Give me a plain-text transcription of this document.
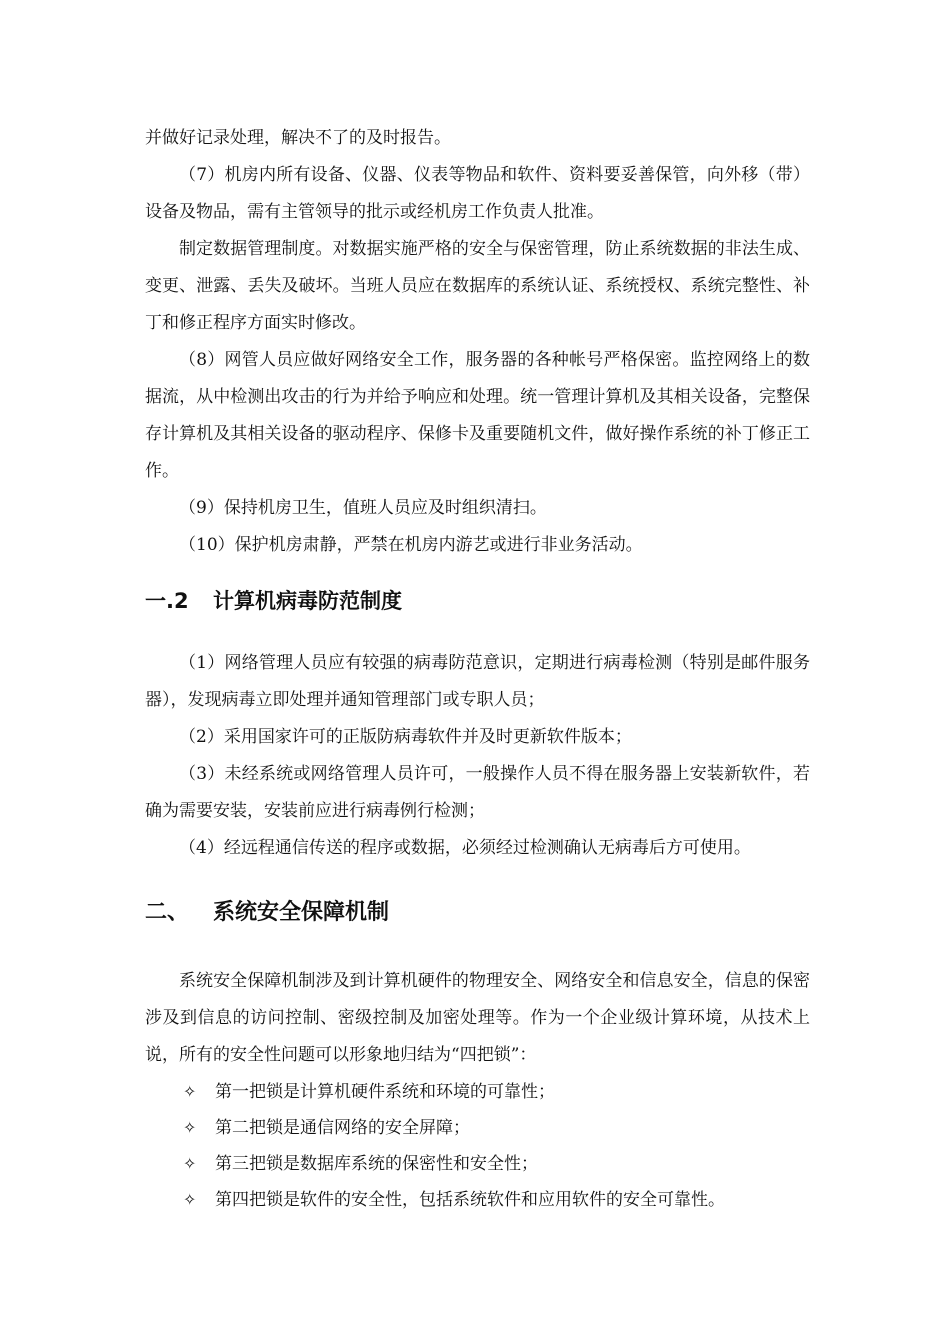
并做好记录处理，解决不了的及时报告。

（7）机房内所有设备、仪器、仪表等物品和软件、资料要妥善保管，向外移（带）设备及物品，需有主管领导的批示或经机房工作负责人批准。

制定数据管理制度。对数据实施严格的安全与保密管理，防止系统数据的非法生成、变更、泄露、丢失及破坏。当班人员应在数据库的系统认证、系统授权、系统完整性、补丁和修正程序方面实时修改。

（8）网管人员应做好网络安全工作，服务器的各种帐号严格保密。监控网络上的数据流，从中检测出攻击的行为并给予响应和处理。统一管理计算机及其相关设备，完整保存计算机及其相关设备的驱动程序、保修卡及重要随机文件，做好操作系统的补丁修正工作。

（9）保持机房卫生，值班人员应及时组织清扫。

（10）保护机房肃静，严禁在机房内游艺或进行非业务活动。

一.2 计算机病毒防范制度

（1）网络管理人员应有较强的病毒防范意识，定期进行病毒检测（特别是邮件服务器），发现病毒立即处理并通知管理部门或专职人员；

（2）采用国家许可的正版防病毒软件并及时更新软件版本；

（3）未经系统或网络管理人员许可，一般操作人员不得在服务器上安装新软件，若确为需要安装，安装前应进行病毒例行检测；

（4）经远程通信传送的程序或数据，必须经过检测确认无病毒后方可使用。

二、 系统安全保障机制

系统安全保障机制涉及到计算机硬件的物理安全、网络安全和信息安全，信息的保密涉及到信息的访问控制、密级控制及加密处理等。作为一个企业级计算环境，从技术上说，所有的安全性问题可以形象地归结为“四把锁”：

✧	第一把锁是计算机硬件系统和环境的可靠性；
✧	第二把锁是通信网络的安全屏障；
✧	第三把锁是数据库系统的保密性和安全性；
✧	第四把锁是软件的安全性，包括系统软件和应用软件的安全可靠性。
